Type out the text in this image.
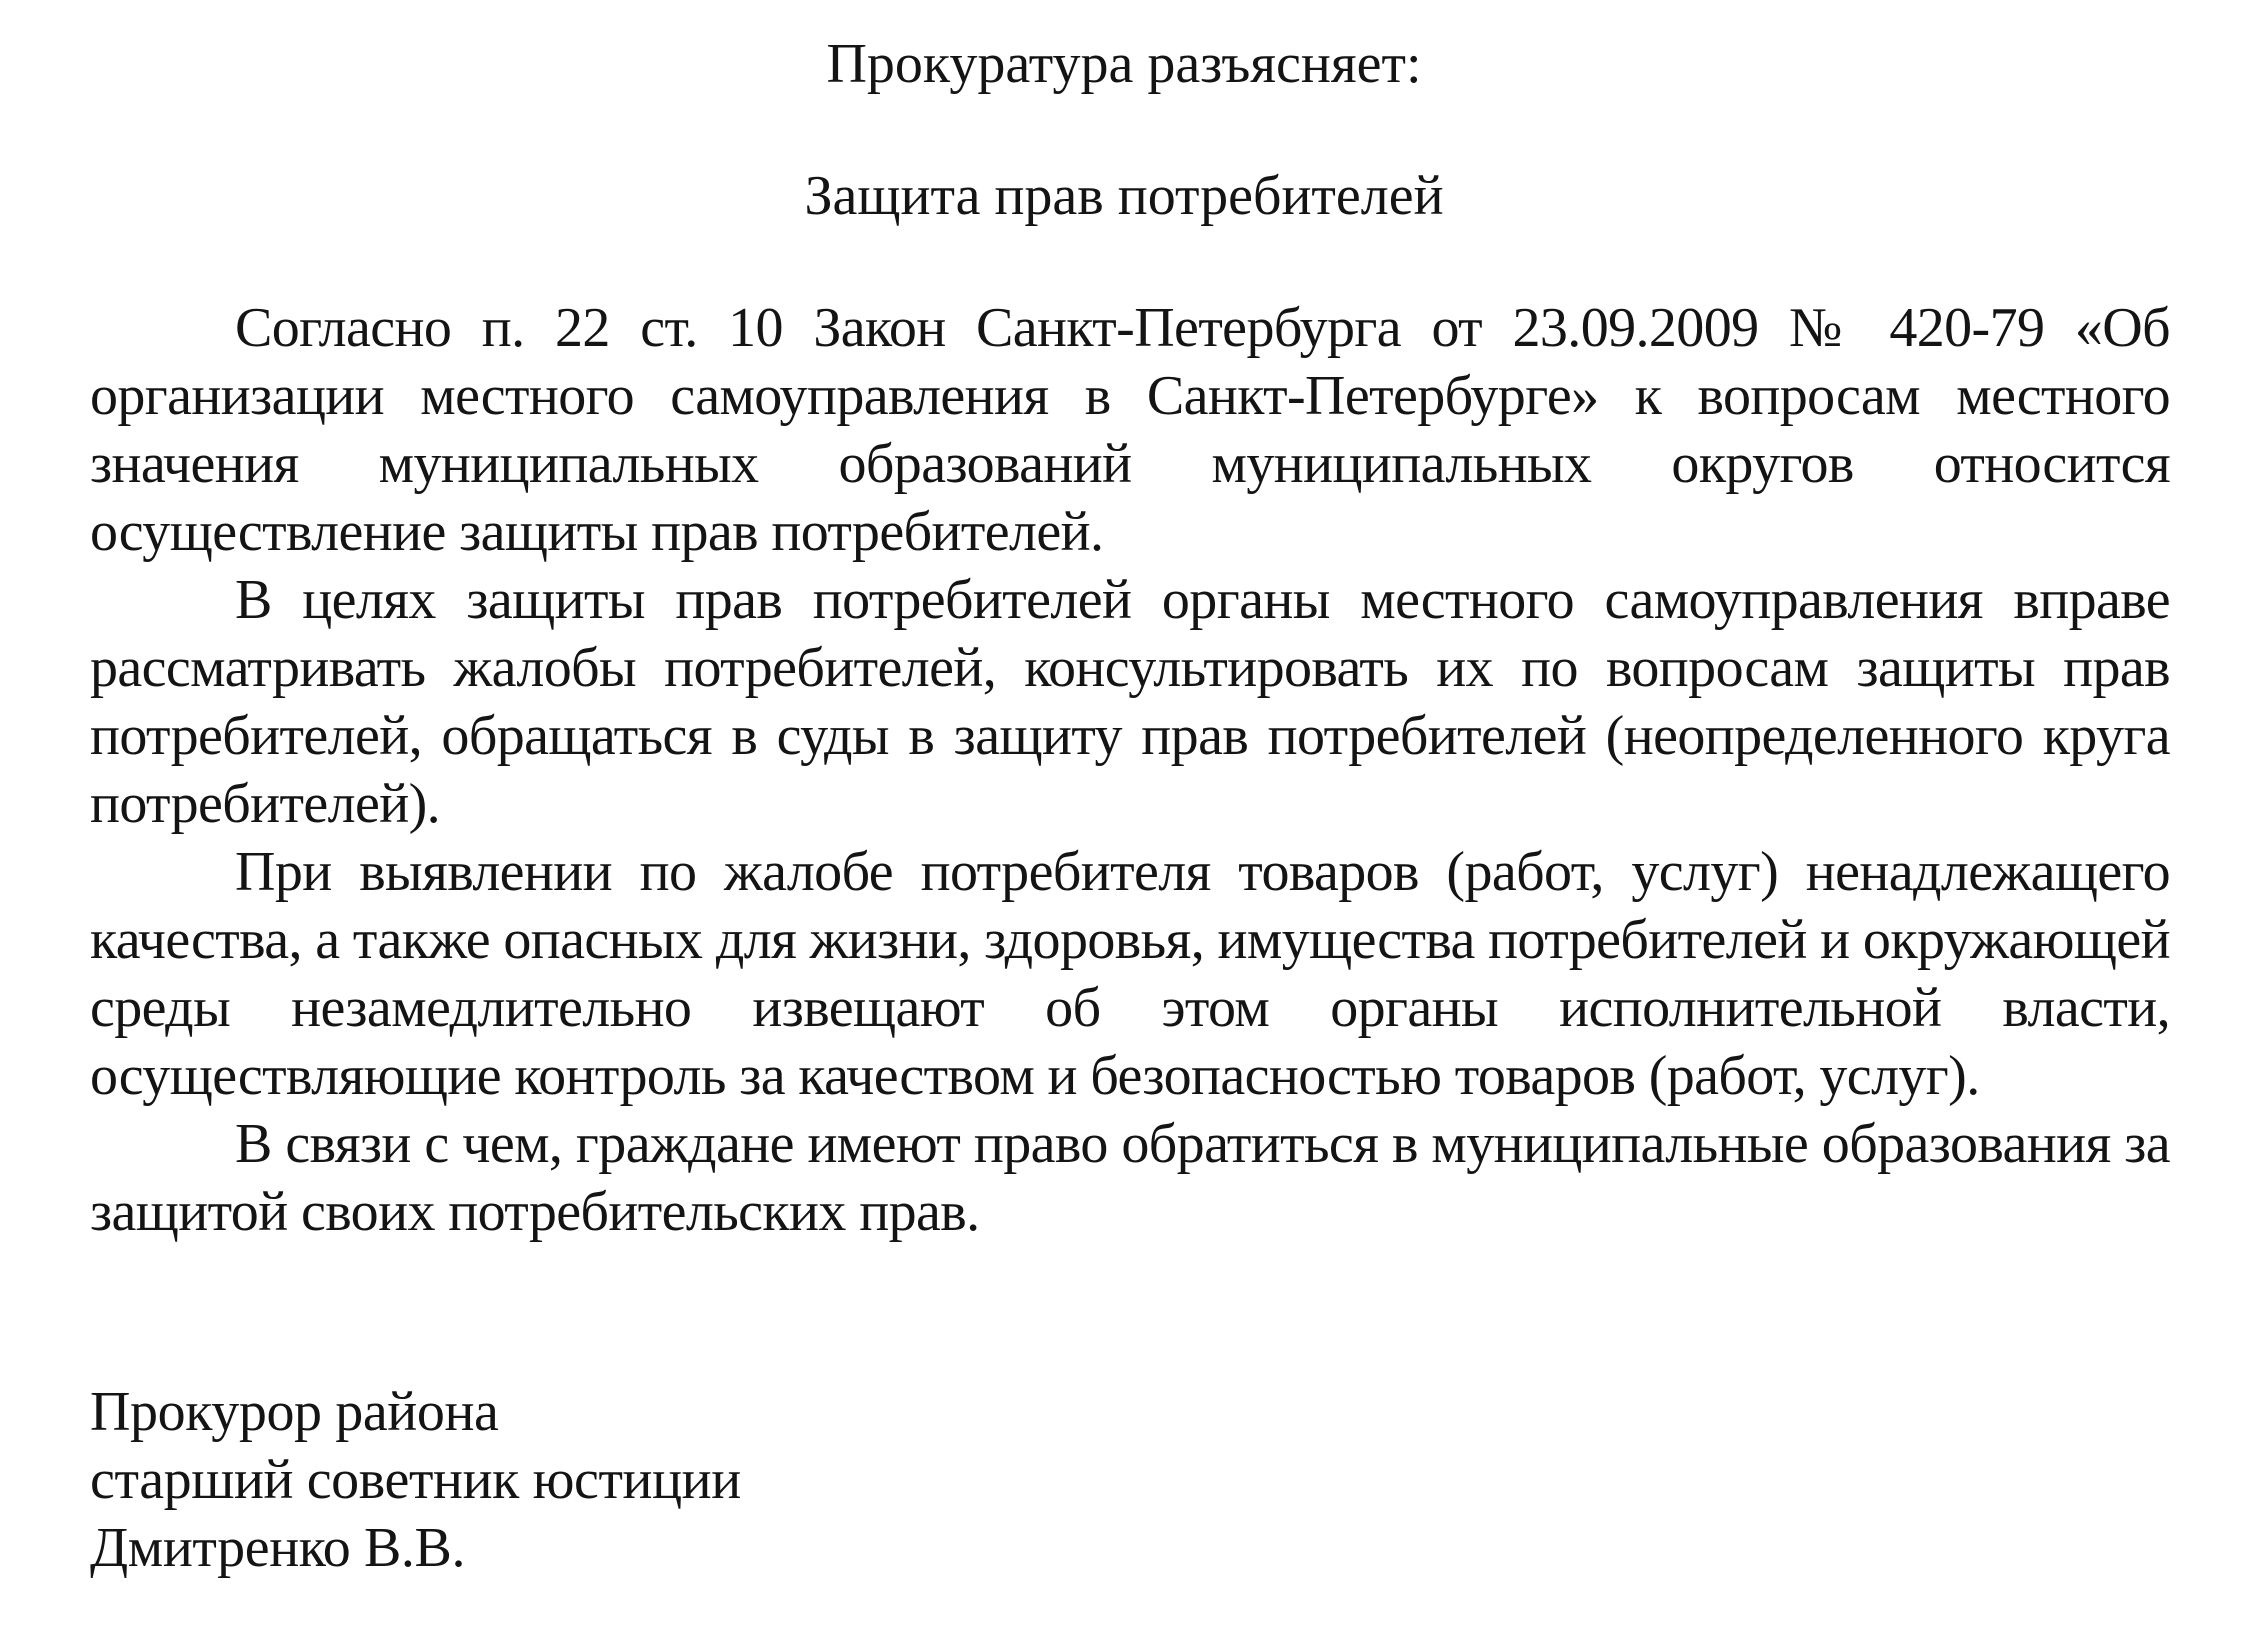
Прокуратура разъясняет:
Защита прав потребителей

Согласно п. 22 ст. 10 Закон Санкт-Петербурга от 23.09.2009 № 420-79 «Об организации местного самоуправления в Санкт-Петербурге» к вопросам местного значения муниципальных образований муниципальных округов относится осуществление защиты прав потребителей.

В целях защиты прав потребителей органы местного самоуправления вправе рассматривать жалобы потребителей, консультировать их по вопросам защиты прав потребителей, обращаться в суды в защиту прав потребителей (неопределенного круга потребителей).

При выявлении по жалобе потребителя товаров (работ, услуг) ненадлежащего качества, а также опасных для жизни, здоровья, имущества потребителей и окружающей среды незамедлительно извещают об этом органы исполнительной власти, осуществляющие контроль за качеством и безопасностью товаров (работ, услуг).

В связи с чем, граждане имеют право обратиться в муниципальные образования за защитой своих потребительских прав.

Прокурор района
старший советник юстиции
Дмитренко В.В.
